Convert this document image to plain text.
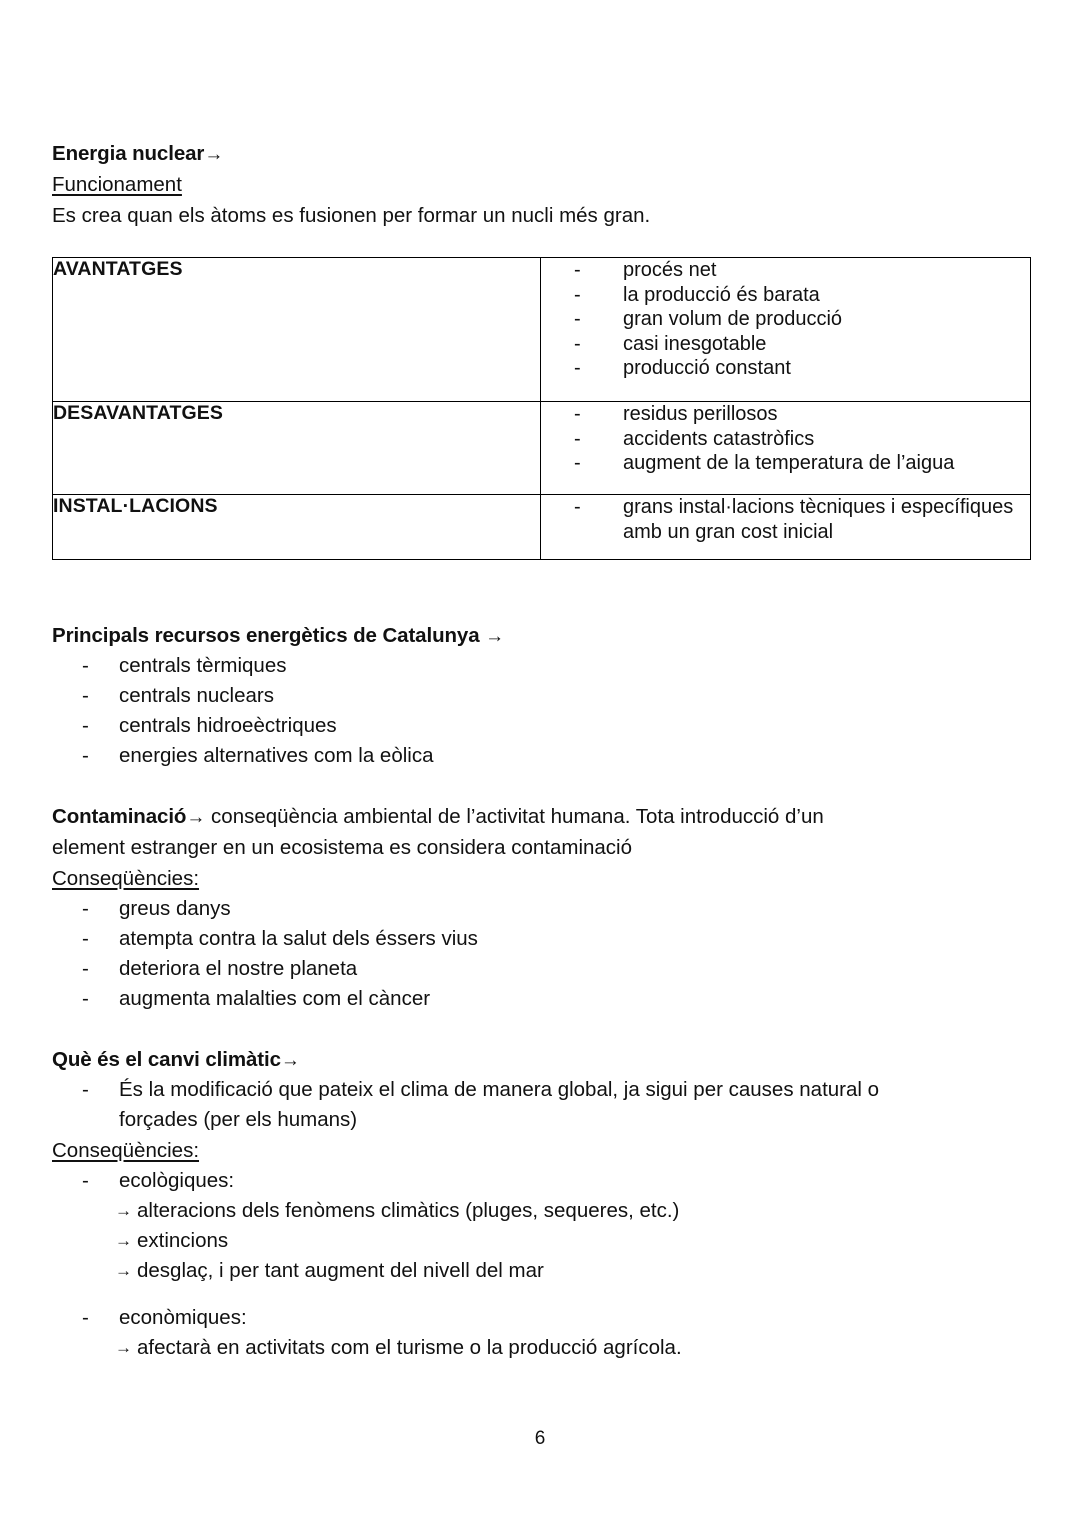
Energia nuclear→
Funcionament
Es crea quan els àtoms es fusionen per formar un nucli més gran.
AVANTATGES	
-procés net
- la producció és barata
- gran volum de producció
- casi inesgotable
- producció constant

DESAVANTATGES	
-residus perillosos
- accidents catastròfics
- augment de la temperatura de l’aigua

INSTAL·LACIONS	
-grans instal·lacions tècniques i específiques amb un gran cost inicial
Principals recursos energètics de Catalunya →
- centrals tèrmiques
- centrals nuclears
- centrals hidroeèctriques
- energies alternatives com la eòlica
Contaminació→ conseqüència ambiental de l’activitat humana. Tota introducció d’un
element estranger en un ecosistema es considera contaminació
Conseqüències:
- greus danys
- atempta contra la salut dels éssers vius
- deteriora el nostre planeta
- augmenta malalties com el càncer
Què és el canvi climàtic→
- És la modificació que pateix el clima de manera global, ja sigui per causes natural o
forçades (per els humans)
Conseqüències:
- ecològiques:
→ alteracions dels fenòmens climàtics (pluges, sequeres, etc.)
→ extincions
→ desglaç, i per tant augment del nivell del mar
- econòmiques:
→ afectarà en activitats com el turisme o la producció agrícola.
6
